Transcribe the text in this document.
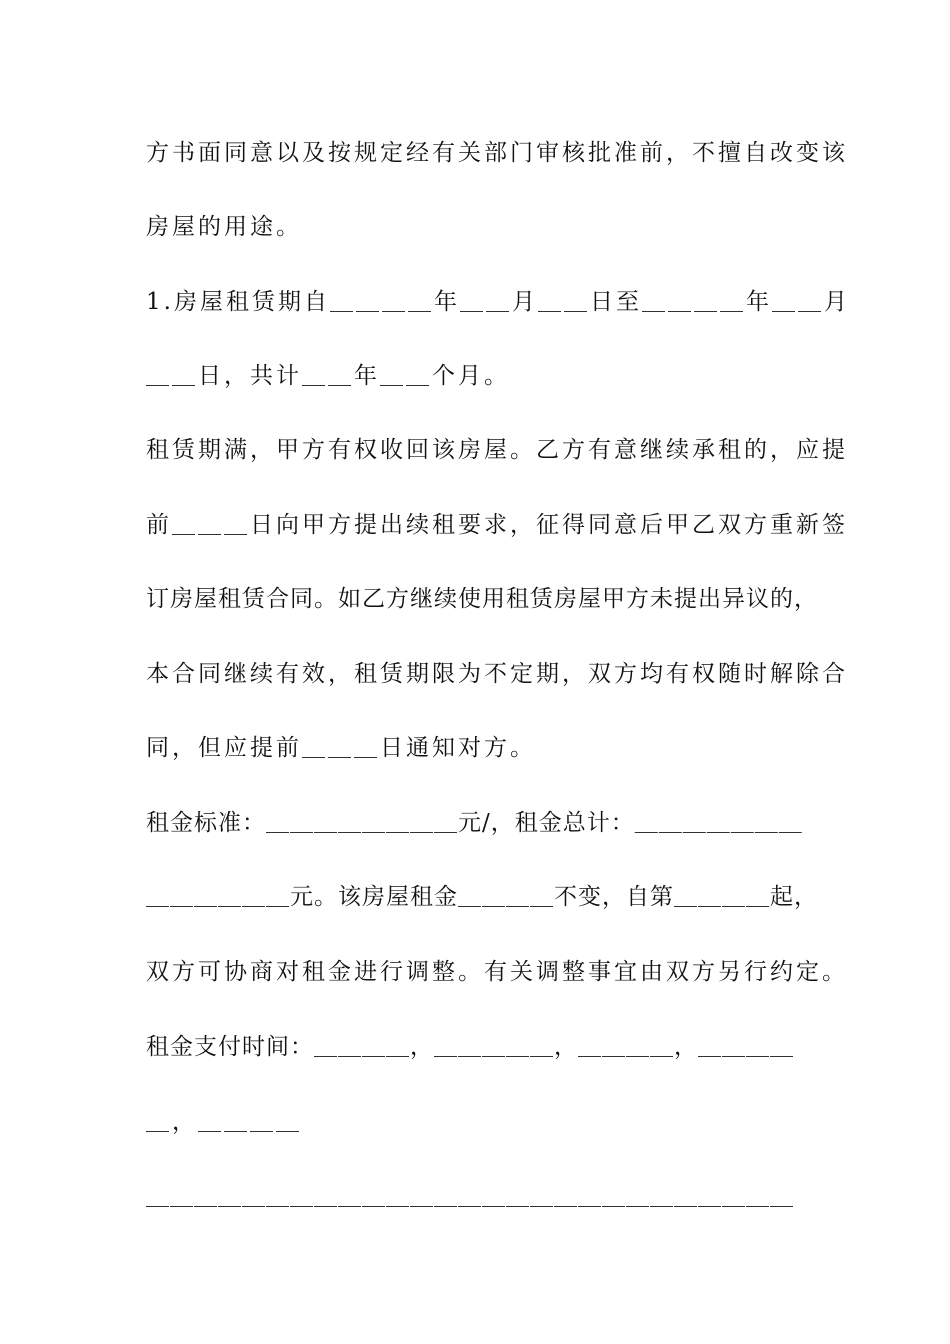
方书面同意以及按规定经有关部门审核批准前，不擅自改变该
房屋的用途。
1.房屋租赁期自＿＿＿＿年＿＿月＿＿日至＿＿＿＿年＿＿月
＿＿日，共计＿＿年＿＿个月。
租赁期满，甲方有权收回该房屋。乙方有意继续承租的，应提
前＿＿＿日向甲方提出续租要求，征得同意后甲乙双方重新签
订房屋租赁合同。如乙方继续使用租赁房屋甲方未提出异议的，
本合同继续有效，租赁期限为不定期，双方均有权随时解除合
同，但应提前＿＿＿日通知对方。
租金标准：＿＿＿＿＿＿＿＿元/，租金总计：＿＿＿＿＿＿＿
＿＿＿＿＿＿元。该房屋租金＿＿＿＿不变，自第＿＿＿＿起，
双方可协商对租金进行调整。有关调整事宜由双方另行约定。
租金支付时间：＿＿＿＿，＿＿＿＿＿，＿＿＿＿，＿＿＿＿
＿，＿＿＿＿
＿＿＿＿＿＿＿＿＿＿＿＿＿＿＿＿＿＿＿＿＿＿＿＿＿＿＿
